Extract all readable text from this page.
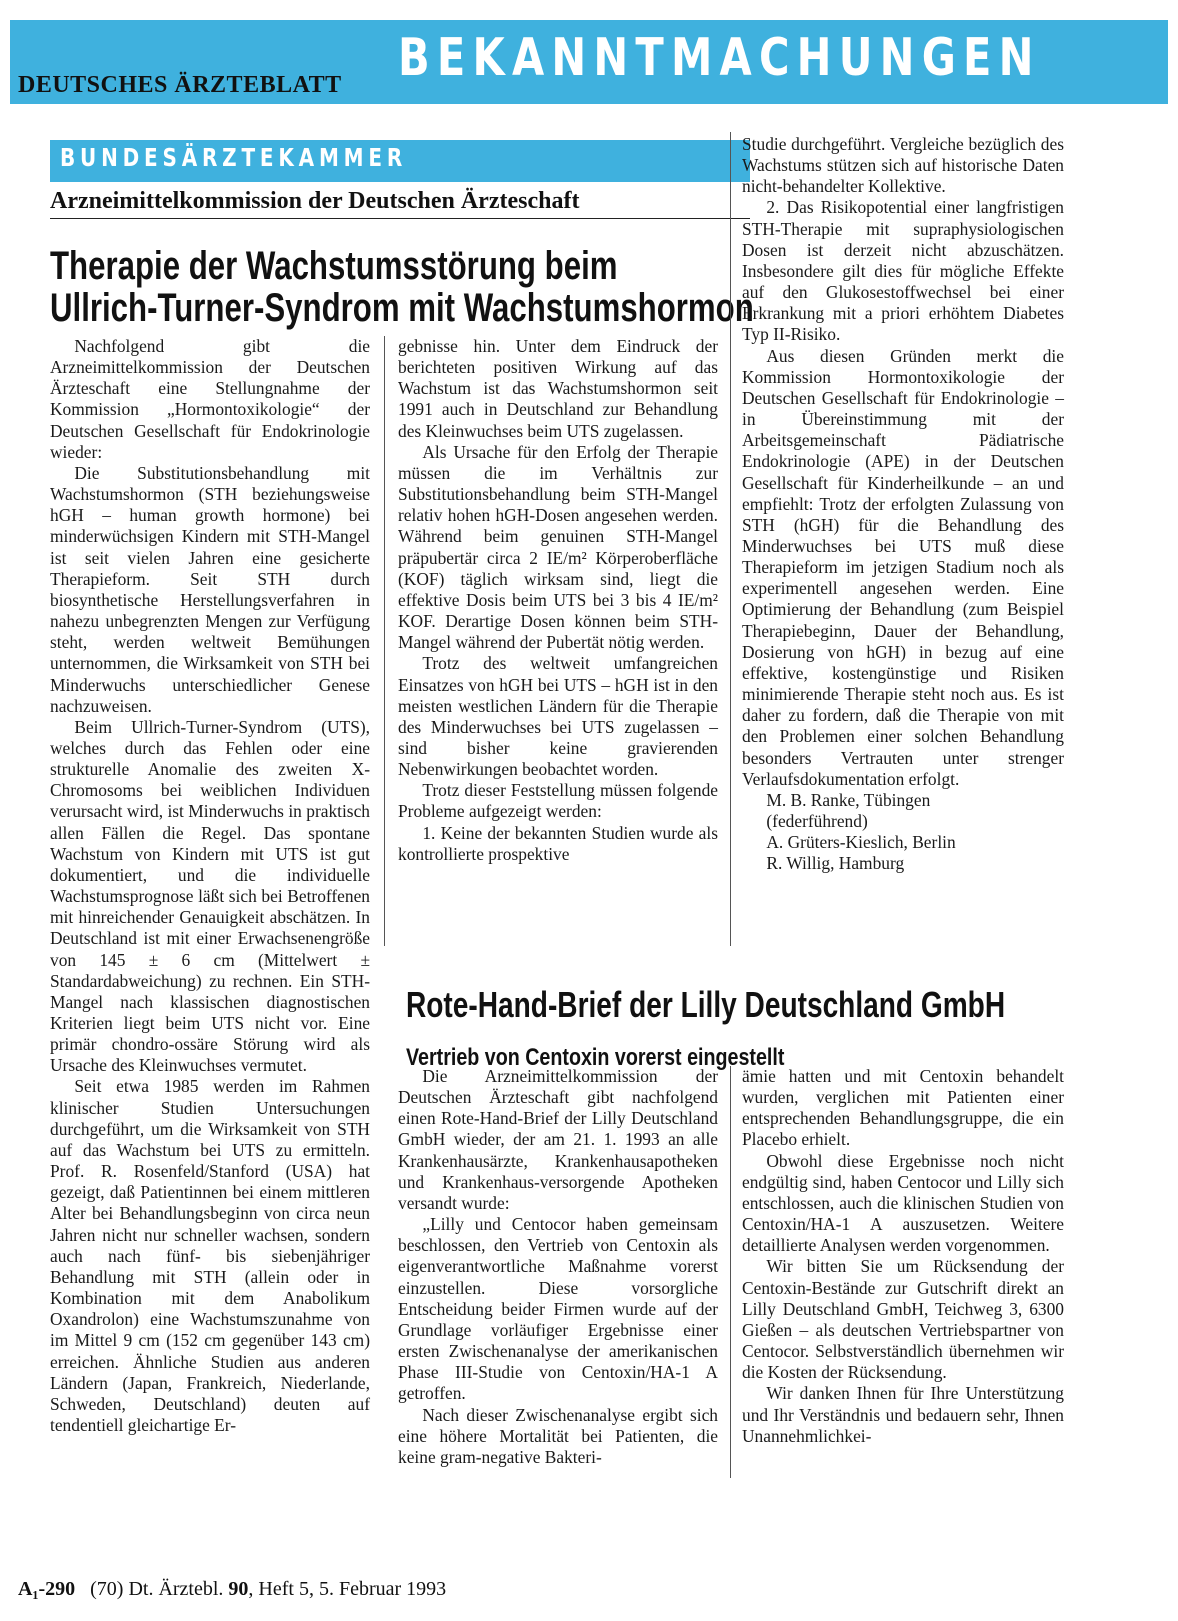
DEUTSCHES ÄRZTEBLATT BEKANNTMACHUNGEN
BUNDESÄRZTEKAMMER
Arzneimittelkommission der Deutschen Ärzteschaft
Therapie der Wachstumsstörung beim
Ullrich-Turner-Syndrom mit Wachstumshormon

Nachfolgend gibt die Arzneimittelkommission der Deutschen Ärzteschaft eine Stellungnahme der Kommission „Hormontoxikologie“ der Deutschen Gesellschaft für Endokrinologie wieder:

Die Substitutionsbehandlung mit Wachstumshormon (STH beziehungsweise hGH – human growth hormone) bei minderwüchsigen Kindern mit STH-Mangel ist seit vielen Jahren eine gesicherte Therapieform. Seit STH durch biosynthetische Herstellungsverfahren in nahezu unbegrenzten Mengen zur Verfügung steht, werden weltweit Bemühungen unternommen, die Wirksamkeit von STH bei Minderwuchs unterschiedlicher Genese nachzuweisen.

Beim Ullrich-Turner-Syndrom (UTS), welches durch das Fehlen oder eine strukturelle Anomalie des zweiten X-Chromosoms bei weiblichen Individuen verursacht wird, ist Minderwuchs in praktisch allen Fällen die Regel. Das spontane Wachstum von Kindern mit UTS ist gut dokumentiert, und die individuelle Wachstumsprognose läßt sich bei Betroffenen mit hinreichender Genauigkeit abschätzen. In Deutschland ist mit einer Erwachsenengröße von 145 ± 6 cm (Mittelwert ± Standardabweichung) zu rechnen. Ein STH-Mangel nach klassischen diagnostischen Kriterien liegt beim UTS nicht vor. Eine primär chondro-ossäre Störung wird als Ursache des Kleinwuchses vermutet.

Seit etwa 1985 werden im Rahmen klinischer Studien Untersuchungen durchgeführt, um die Wirksamkeit von STH auf das Wachstum bei UTS zu ermitteln. Prof. R. Rosenfeld/Stanford (USA) hat gezeigt, daß Patientinnen bei einem mittleren Alter bei Behandlungsbeginn von circa neun Jahren nicht nur schneller wachsen, sondern auch nach fünf- bis siebenjähriger Behandlung mit STH (allein oder in Kombination mit dem Anabolikum Oxandrolon) eine Wachstumszunahme von im Mittel 9 cm (152 cm gegenüber 143 cm) erreichen. Ähnliche Studien aus anderen Ländern (Japan, Frankreich, Niederlande, Schweden, Deutschland) deuten auf tendentiell gleichartige Er-

gebnisse hin. Unter dem Eindruck der berichteten positiven Wirkung auf das Wachstum ist das Wachstumshormon seit 1991 auch in Deutschland zur Behandlung des Kleinwuchses beim UTS zugelassen.

Als Ursache für den Erfolg der Therapie müssen die im Verhältnis zur Substitutionsbehandlung beim STH-Mangel relativ hohen hGH-Dosen angesehen werden. Während beim genuinen STH-Mangel präpubertär circa 2 IE/m² Körperoberfläche (KOF) täglich wirksam sind, liegt die effektive Dosis beim UTS bei 3 bis 4 IE/m² KOF. Derartige Dosen können beim STH-Mangel während der Pubertät nötig werden.

Trotz des weltweit umfangreichen Einsatzes von hGH bei UTS – hGH ist in den meisten westlichen Ländern für die Therapie des Minderwuchses bei UTS zugelassen – sind bisher keine gravierenden Nebenwirkungen beobachtet worden.

Trotz dieser Feststellung müssen folgende Probleme aufgezeigt werden:

1. Keine der bekannten Studien wurde als kontrollierte prospektive

Studie durchgeführt. Vergleiche bezüglich des Wachstums stützen sich auf historische Daten nicht-behandelter Kollektive.

2. Das Risikopotential einer langfristigen STH-Therapie mit supraphysiologischen Dosen ist derzeit nicht abzuschätzen. Insbesondere gilt dies für mögliche Effekte auf den Glukosestoffwechsel bei einer Erkrankung mit a priori erhöhtem Diabetes Typ II-Risiko.

Aus diesen Gründen merkt die Kommission Hormontoxikologie der Deutschen Gesellschaft für Endokrinologie – in Übereinstimmung mit der Arbeitsgemeinschaft Pädiatrische Endokrinologie (APE) in der Deutschen Gesellschaft für Kinderheilkunde – an und empfiehlt: Trotz der erfolgten Zulassung von STH (hGH) für die Behandlung des Minderwuchses bei UTS muß diese Therapieform im jetzigen Stadium noch als experimentell angesehen werden. Eine Optimierung der Behandlung (zum Beispiel Therapiebeginn, Dauer der Behandlung, Dosierung von hGH) in bezug auf eine effektive, kostengünstige und Risiken minimierende Therapie steht noch aus. Es ist daher zu fordern, daß die Therapie von mit den Problemen einer solchen Behandlung besonders Vertrauten unter strenger Verlaufsdokumentation erfolgt.

M. B. Ranke, Tübingen

(federführend)

A. Grüters-Kieslich, Berlin

R. Willig, Hamburg

Rote-Hand-Brief der Lilly Deutschland GmbH
Vertrieb von Centoxin vorerst eingestellt

Die Arzneimittelkommission der Deutschen Ärzteschaft gibt nachfolgend einen Rote-Hand-Brief der Lilly Deutschland GmbH wieder, der am 21. 1. 1993 an alle Krankenhausärzte, Krankenhausapotheken und Krankenhaus-versorgende Apotheken versandt wurde:

„Lilly und Centocor haben gemeinsam beschlossen, den Vertrieb von Centoxin als eigenverantwortliche Maßnahme vorerst einzustellen. Diese vorsorgliche Entscheidung beider Firmen wurde auf der Grundlage vorläufiger Ergebnisse einer ersten Zwischenanalyse der amerikanischen Phase III-Studie von Centoxin/HA-1 A getroffen.

Nach dieser Zwischenanalyse ergibt sich eine höhere Mortalität bei Patienten, die keine gram-negative Bakteri-

ämie hatten und mit Centoxin behandelt wurden, verglichen mit Patienten einer entsprechenden Behandlungsgruppe, die ein Placebo erhielt.

Obwohl diese Ergebnisse noch nicht endgültig sind, haben Centocor und Lilly sich entschlossen, auch die klinischen Studien von Centoxin/HA-1 A auszusetzen. Weitere detaillierte Analysen werden vorgenommen.

Wir bitten Sie um Rücksendung der Centoxin-Bestände zur Gutschrift direkt an Lilly Deutschland GmbH, Teichweg 3, 6300 Gießen – als deutschen Vertriebspartner von Centocor. Selbstverständlich übernehmen wir die Kosten der Rücksendung.

Wir danken Ihnen für Ihre Unterstützung und Ihr Verständnis und bedauern sehr, Ihnen Unannehmlichkei-

A₁-290 (70) Dt. Ärztebl. 90, Heft 5, 5. Februar 1993
